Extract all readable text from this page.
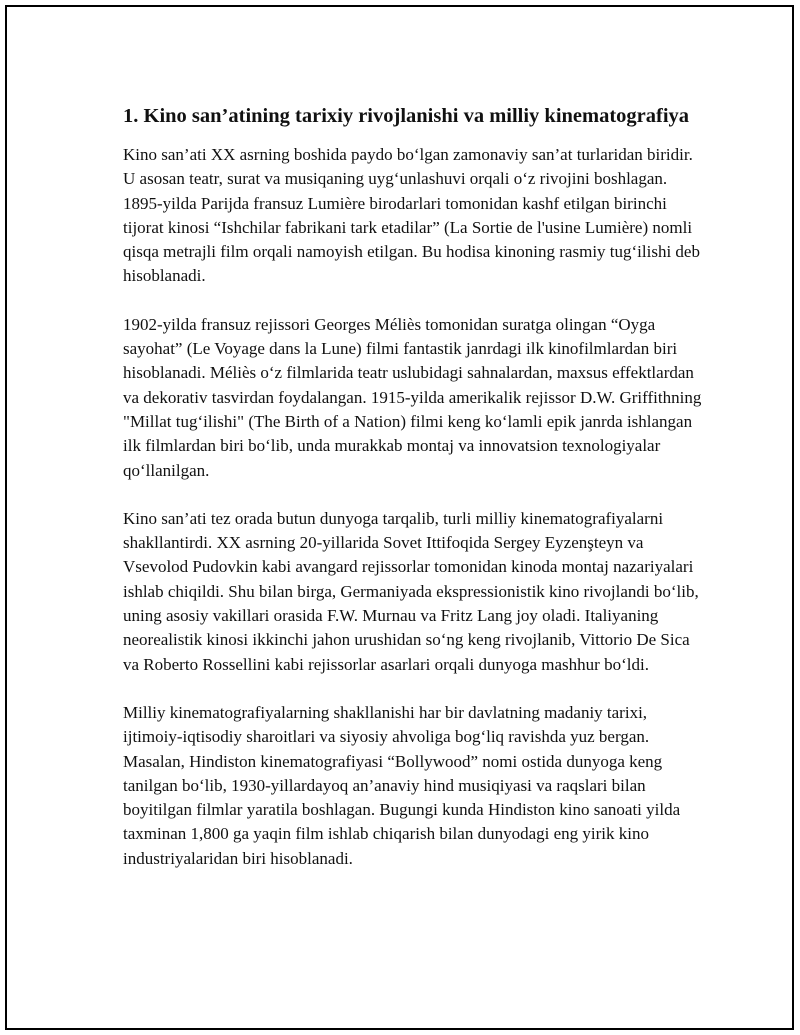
1. Kino san’atining tarixiy rivojlanishi va milliy kinematografiya

Kino san’ati XX asrning boshida paydo bo‘lgan zamonaviy san’at turlaridan biridir. U asosan teatr, surat va musiqaning uyg‘unlashuvi orqali o‘z rivojini boshlagan. 1895-yilda Parijda fransuz Lumière birodarlari tomonidan kashf etilgan birinchi tijorat kinosi “Ishchilar fabrikani tark etadilar” (La Sortie de l'usine Lumière) nomli qisqa metrajli film orqali namoyish etilgan. Bu hodisa kinoning rasmiy tug‘ilishi deb hisoblanadi.

1902-yilda fransuz rejissori Georges Méliès tomonidan suratga olingan “Oyga sayohat” (Le Voyage dans la Lune) filmi fantastik janrdagi ilk kinofilmlardan biri hisoblanadi. Méliès o‘z filmlarida teatr uslubidagi sahnalardan, maxsus effektlardan va dekorativ tasvirdan foydalangan. 1915-yilda amerikalik rejissor D.W. Griffithning "Millat tug‘ilishi" (The Birth of a Nation) filmi keng ko‘lamli epik janrda ishlangan ilk filmlardan biri bo‘lib, unda murakkab montaj va innovatsion texnologiyalar qo‘llanilgan.

Kino san’ati tez orada butun dunyoga tarqalib, turli milliy kinematografiyalarni shakllantirdi. XX asrning 20-yillarida Sovet Ittifoqida Sergey Eyzenşteyn va Vsevolod Pudovkin kabi avangard rejissorlar tomonidan kinoda montaj nazariyalari ishlab chiqildi. Shu bilan birga, Germaniyada ekspressionistik kino rivojlandi bo‘lib, uning asosiy vakillari orasida F.W. Murnau va Fritz Lang joy oladi. Italiyaning neorealistik kinosi ikkinchi jahon urushidan so‘ng keng rivojlanib, Vittorio De Sica va Roberto Rossellini kabi rejissorlar asarlari orqali dunyoga mashhur bo‘ldi.

Milliy kinematografiyalarning shakllanishi har bir davlatning madaniy tarixi, ijtimoiy-iqtisodiy sharoitlari va siyosiy ahvoliga bog‘liq ravishda yuz bergan. Masalan, Hindiston kinematografiyasi “Bollywood” nomi ostida dunyoga keng tanilgan bo‘lib, 1930-yillardayoq an’anaviy hind musiqiyasi va raqslari bilan boyitilgan filmlar yaratila boshlagan. Bugungi kunda Hindiston kino sanoati yilda taxminan 1,800 ga yaqin film ishlab chiqarish bilan dunyodagi eng yirik kino industriyalaridan biri hisoblanadi.
